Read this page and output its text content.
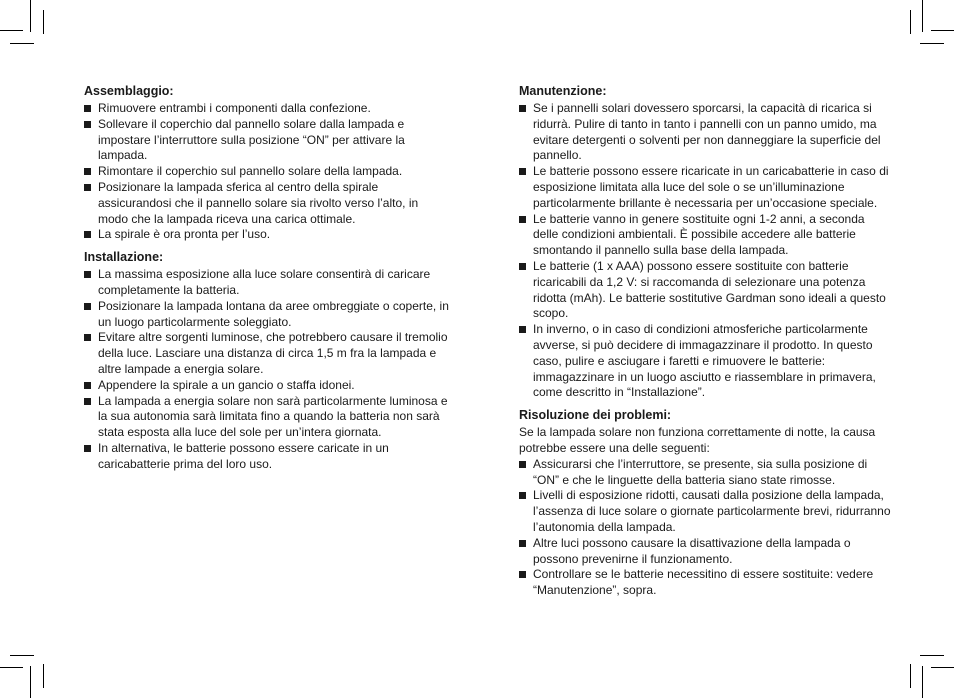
Assemblaggio:
Rimuovere entrambi i componenti dalla confezione.
Sollevare il coperchio dal pannello solare dalla lampada e impostare l’interruttore sulla posizione “ON” per attivare la lampada.
Rimontare il coperchio sul pannello solare della lampada.
Posizionare la lampada sferica al centro della spirale assicurandosi che il pannello solare sia rivolto verso l’alto, in modo che la lampada riceva una carica ottimale.
La spirale è ora pronta per l’uso.
Installazione:
La massima esposizione alla luce solare consentirà di caricare completamente la batteria.
Posizionare la lampada lontana da aree ombreggiate o coperte, in un luogo particolarmente soleggiato.
Evitare altre sorgenti luminose, che potrebbero causare il tremolio della luce. Lasciare una distanza di circa 1,5 m fra la lampada e altre lampade a energia solare.
Appendere la spirale a un gancio o staffa idonei.
La lampada a energia solare non sarà particolarmente luminosa e la sua autonomia sarà limitata fino a quando la batteria non sarà stata esposta alla luce del sole per un’intera giornata.
In alternativa, le batterie possono essere caricate in un caricabatterie prima del loro uso.
Manutenzione:
Se i pannelli solari dovessero sporcarsi, la capacità di ricarica si ridurrà. Pulire di tanto in tanto i pannelli con un panno umido, ma evitare detergenti o solventi per non danneggiare la superficie del pannello.
Le batterie possono essere ricaricate in un caricabatterie in caso di esposizione limitata alla luce del sole o se un’illuminazione particolarmente brillante è necessaria per un’occasione speciale.
Le batterie vanno in genere sostituite ogni 1-2 anni, a seconda delle condizioni ambientali. È possibile accedere alle batterie smontando il pannello sulla base della lampada.
Le batterie (1 x AAA) possono essere sostituite con batterie ricaricabili da 1,2 V: si raccomanda di selezionare una potenza ridotta (mAh). Le batterie sostitutive Gardman sono ideali a questo scopo.
In inverno, o in caso di condizioni atmosferiche particolarmente avverse, si può decidere di immagazzinare il prodotto. In questo caso, pulire e asciugare i faretti e rimuovere le batterie: immagazzinare in un luogo asciutto e riassemblare in primavera, come descritto in “Installazione”.
Risoluzione dei problemi:

Se la lampada solare non funziona correttamente di notte, la causa potrebbe essere una delle seguenti:

Assicurarsi che l’interruttore, se presente, sia sulla posizione di “ON” e che le linguette della batteria siano state rimosse.
Livelli di esposizione ridotti, causati dalla posizione della lampada, l’assenza di luce solare o giornate particolarmente brevi, ridurranno l’autonomia della lampada.
Altre luci possono causare la disattivazione della lampada o possono prevenirne il funzionamento.
Controllare se le batterie necessitino di essere sostituite: vedere “Manutenzione”, sopra.
